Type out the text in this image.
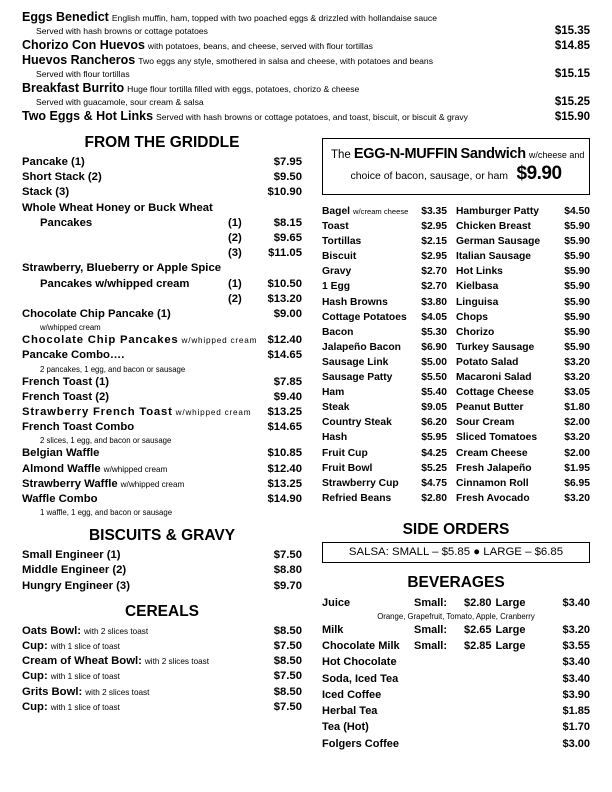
Eggs Benedict English muffin, ham, topped with two poached eggs & drizzled with hollandaise sauce
Served with hash browns or cottage potatoes	$15.35
Chorizo Con Huevos with potatoes, beans, and cheese, served with flour tortillas	$14.85
Huevos Rancheros Two eggs any style, smothered in salsa and cheese, with potatoes and beans
Served with flour tortillas	$15.15
Breakfast Burrito Huge flour tortilla filled with eggs, potatoes, chorizo & cheese
Served with guacamole, sour cream & salsa	$15.25
Two Eggs & Hot Links Served with hash browns or cottage potatoes, and toast, biscuit, or biscuit & gravy	$15.90
FROM THE GRIDDLE
Pancake (1)	$7.95
Short Stack (2)	$9.50
Stack (3)	$10.90
Whole Wheat Honey or Buck Wheat
Pancakes	(1)	$8.15

(2)	$9.65

(3)	$11.05
Strawberry, Blueberry or Apple Spice
Pancakes w/whipped cream	(1)	$10.50

(2)	$13.20
Chocolate Chip Pancake (1)	$9.00
w/whipped cream
Chocolate Chip Pancakes w/whipped cream $12.40
Pancake Combo….	$14.65
2 pancakes, 1 egg, and bacon or sausage
French Toast (1)	$7.85
French Toast (2)	$9.40
Strawberry French Toast w/whipped cream	$13.25
French Toast Combo	$14.65
2 slices, 1 egg, and bacon or sausage
Belgian Waffle	$10.85
Almond Waffle w/whipped cream	$12.40
Strawberry Waffle w/whipped cream	$13.25
Waffle Combo	$14.90
1 waffle, 1 egg, and bacon or sausage
BISCUITS & GRAVY
Small Engineer (1)	$7.50
Middle Engineer (2)	$8.80
Hungry Engineer (3)	$9.70
CEREALS
Oats Bowl: with 2 slices toast	$8.50
Cup: with 1 slice of toast	$7.50
Cream of Wheat Bowl: with 2 slices toast	$8.50
Cup: with 1 slice of toast	$7.50
Grits Bowl: with 2 slices toast	$8.50
Cup: with 1 slice of toast	$7.50
The EGG-N-MUFFIN Sandwich w/cheese and
choice of bacon, sausage, or ham $9.90
Bagel w/cream cheese $3.35
Toast	$2.95
Tortillas	$2.15
Biscuit	$2.95
Gravy	$2.70
1 Egg	$2.70
Hash Browns	$3.80
Cottage Potatoes $4.05
Bacon	$5.30
Jalapeño Bacon $6.90
Sausage Link	$5.00
Sausage Patty	$5.50
Ham	$5.40
Steak	$9.05
Country Steak	$6.20
Hash	$5.95
Fruit Cup	$4.25
Fruit Bowl	$5.25
Strawberry Cup $4.75
Refried Beans	$2.80
Hamburger Patty $4.50
Chicken Breast	$5.90
German Sausage $5.90
Italian Sausage	$5.90
Hot Links	$5.90
Kielbasa	$5.90
Linguisa	$5.90
Chops	$5.90
Chorizo	$5.90
Turkey Sausage	$5.90
Potato Salad	$3.20
Macaroni Salad	$3.20
Cottage Cheese	$3.05
Peanut Butter	$1.80
Sour Cream	$2.00
Sliced Tomatoes	$3.20
Cream Cheese	$2.00
Fresh Jalapeño	$1.95
Cinnamon Roll	$6.95
Fresh Avocado	$3.20
SIDE ORDERS
SALSA: SMALL – $5.85 ● LARGE – $6.85
BEVERAGES
Juice	Small:	$2.80 Large	$3.40
Orange, Grapefruit, Tomato, Apple, Cranberry
Milk	Small:	$2.65 Large	$3.20
Chocolate Milk	Small:	$2.85 Large	$3.55
Hot Chocolate

	$3.40
Soda, Iced Tea

	$3.40
Iced Coffee

	$3.90
Herbal Tea

	$1.85
Tea (Hot)

	$1.70
Folgers Coffee

	$3.00
